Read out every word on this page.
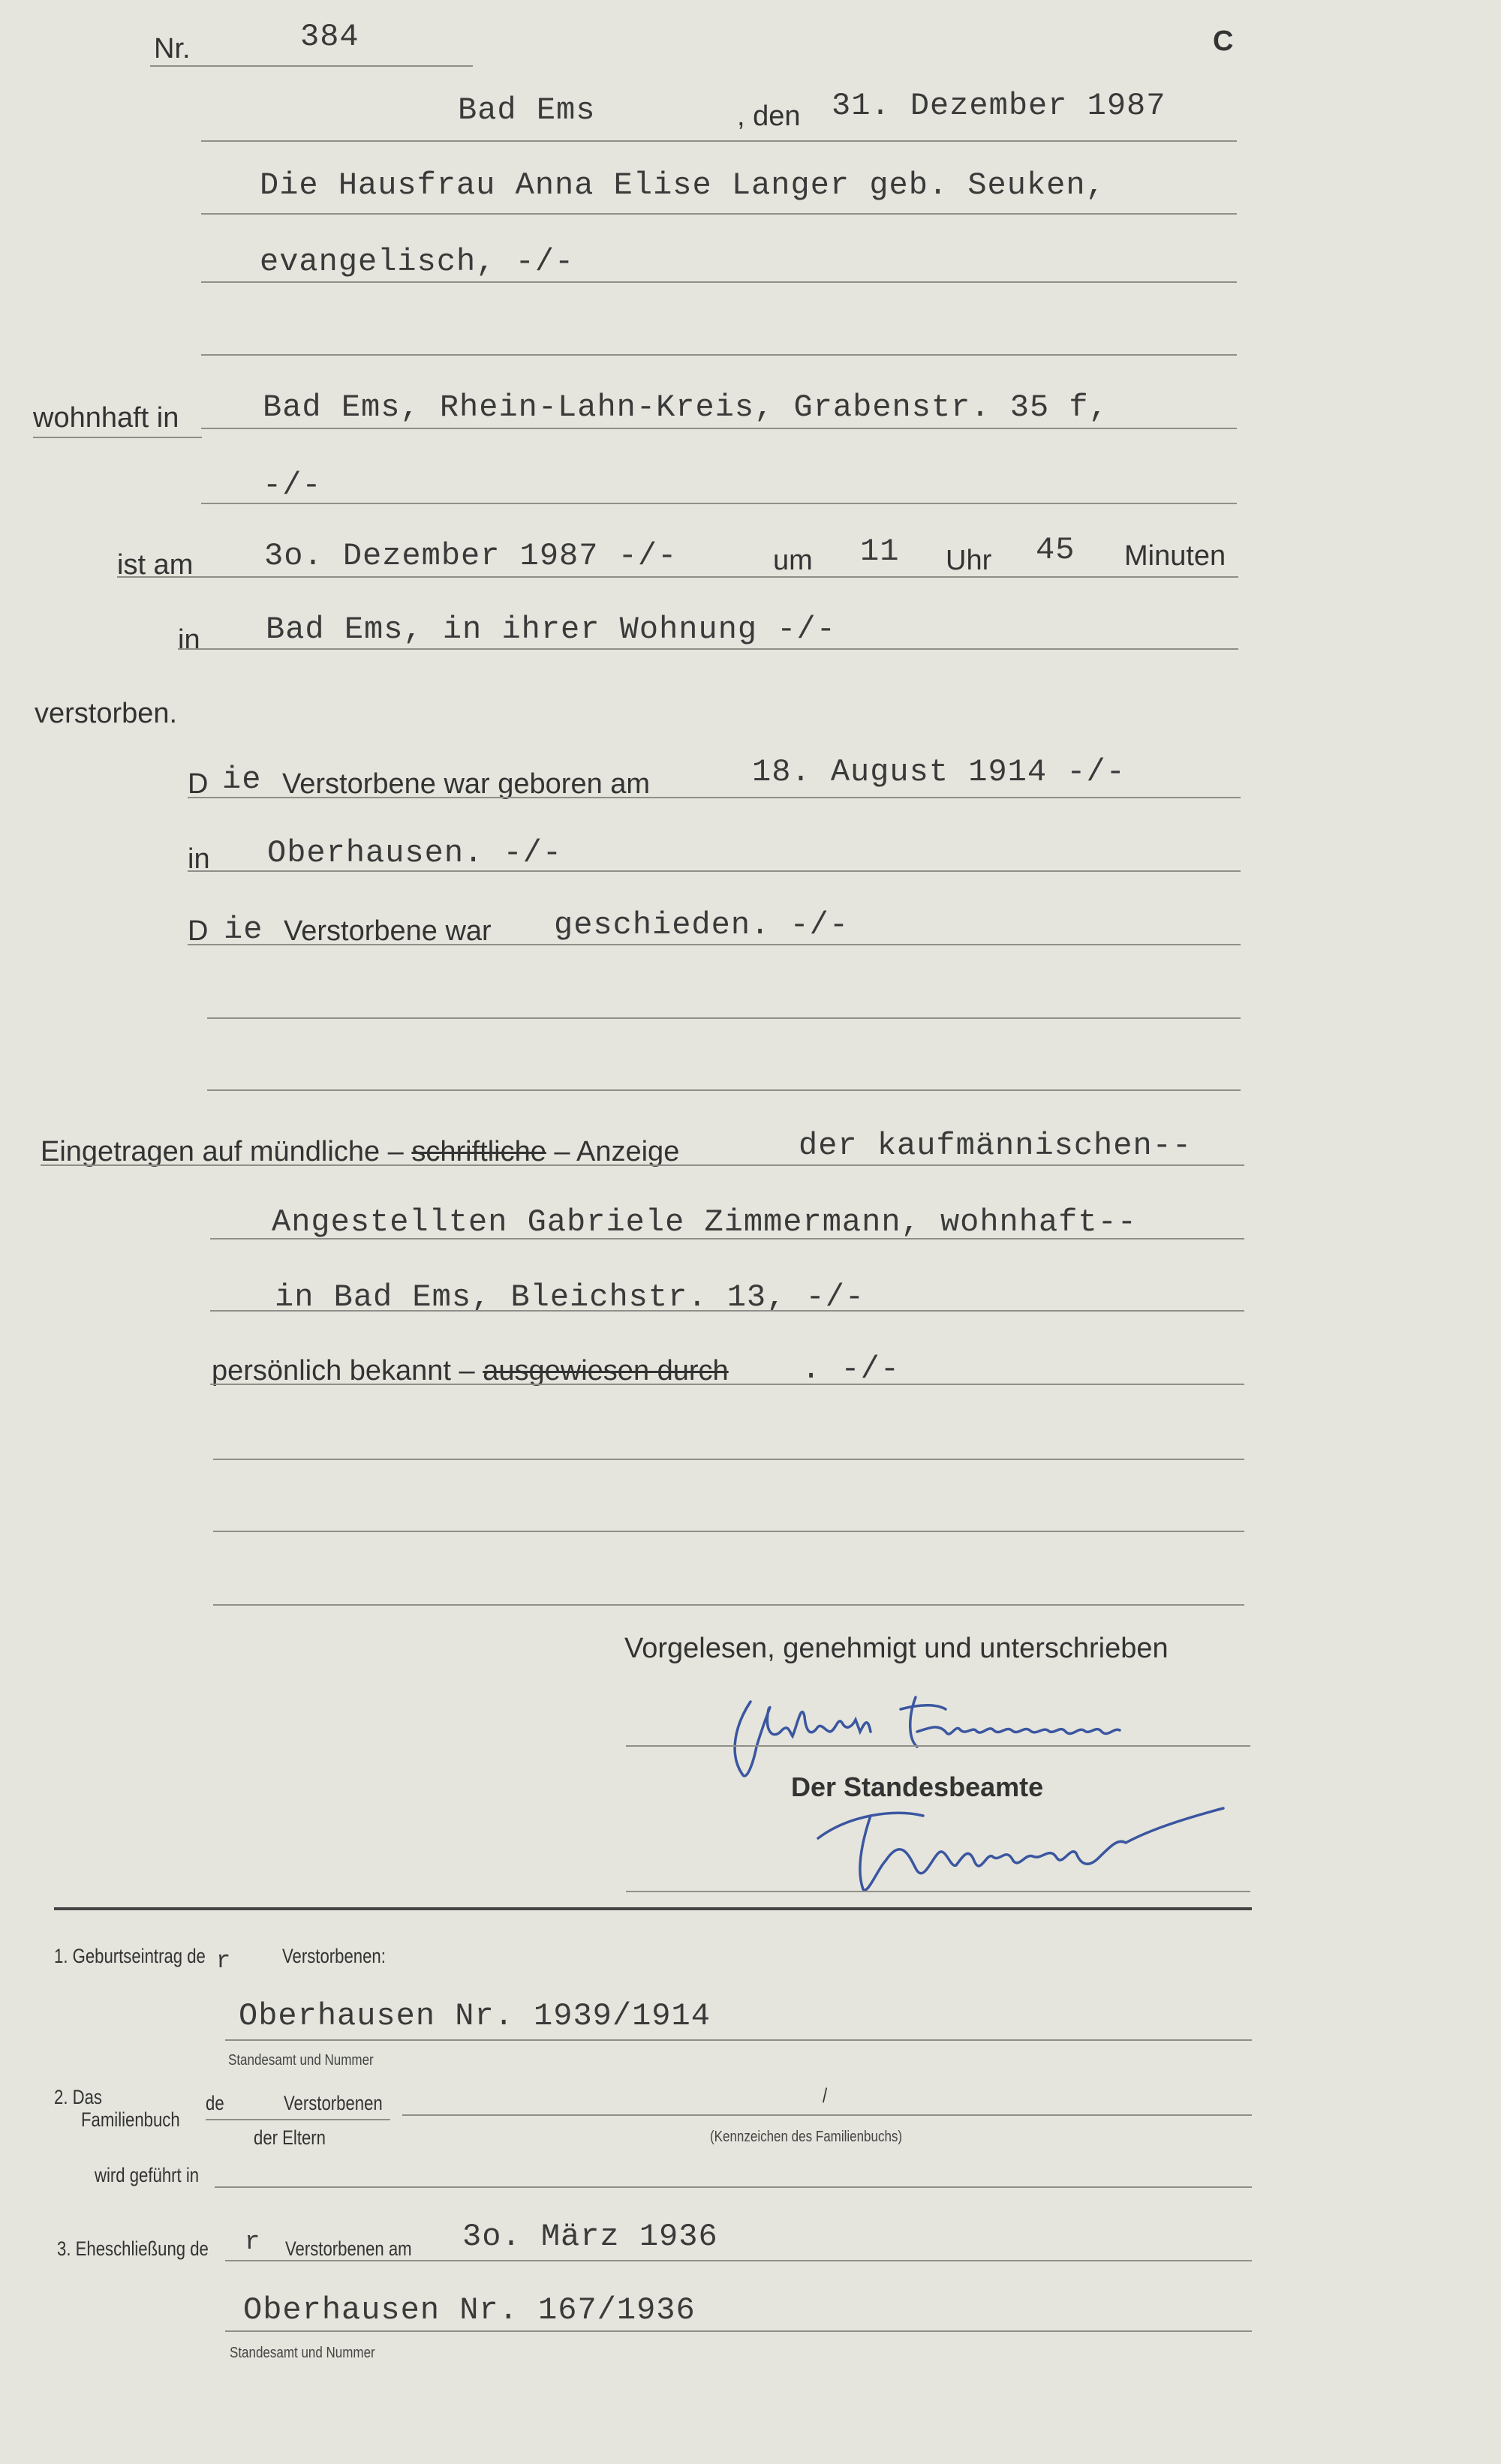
Nr.	384	C
Bad Ems	, den 31. Dezember 1987
Die Hausfrau Anna Elise Langer geb. Seuken,
evangelisch, -/-
wohnhaft in	Bad Ems, Rhein-Lahn-Kreis, Grabenstr. 35 f,
-/-
ist am 3o. Dezember 1987 -/-	um 11 Uhr 45 Minuten
in Bad Ems, in ihrer Wohnung -/-
verstorben.
D ie Verstorbene war geboren am	18. August 1914 -/-
in Oberhausen. -/-
D ie Verstorbene war geschieden. -/-
Eingetragen auf mündliche – schriftliche – Anzeige	der kaufmännischen--
Angestellten Gabriele Zimmermann, wohnhaft--
in Bad Ems, Bleichstr. 13, -/-
persönlich bekannt – ausgewiesen durch . -/-
Vorgelesen, genehmigt und unterschrieben
Gabriele Zimmermann
Der Standesbeamte
1. Geburtseintrag de r	Verstorbenen:
Oberhausen Nr. 1939/1914
Standesamt und Nummer
2. Das
Familienbuch
de	Verstorbenen	/
der Eltern	(Kennzeichen des Familienbuchs)
wird geführt in
3. Eheschließung de r Verstorbenen am 3o. März 1936
Oberhausen Nr. 167/1936
Standesamt und Nummer
